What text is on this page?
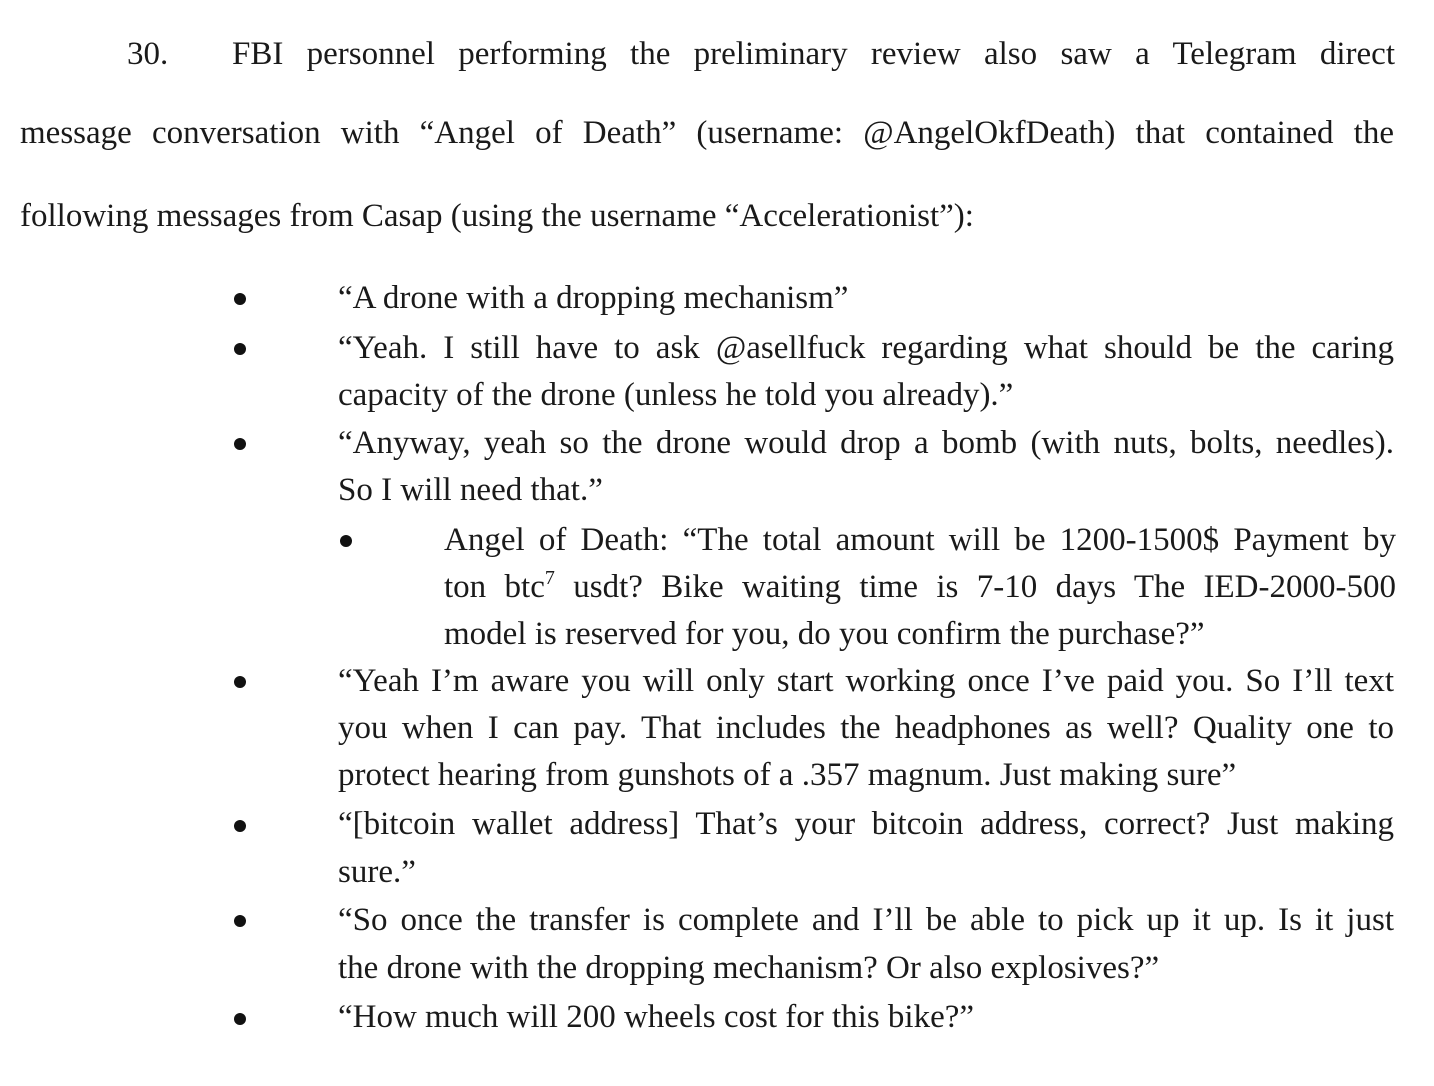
30. FBI personnel performing the preliminary review also saw a Telegram direct
message conversation with “Angel of Death” (username: @AngelOkfDeath) that contained the
following messages from Casap (using the username “Accelerationist”):
“A drone with a dropping mechanism”
“Yeah. I still have to ask @asellfuck regarding what should be the caring
capacity of the drone (unless he told you already).”
“Anyway, yeah so the drone would drop a bomb (with nuts, bolts, needles).
So I will need that.”
Angel of Death: “The total amount will be 1200-1500$ Payment by
ton btc$^7$ usdt? Bike waiting time is 7-10 days The IED-2000-500
model is reserved for you, do you confirm the purchase?”
“Yeah I’m aware you will only start working once I’ve paid you. So I’ll text
you when I can pay. That includes the headphones as well? Quality one to
protect hearing from gunshots of a .357 magnum. Just making sure”
“[bitcoin wallet address] That’s your bitcoin address, correct? Just making
sure.”
“So once the transfer is complete and I’ll be able to pick up it up. Is it just
the drone with the dropping mechanism? Or also explosives?”
“How much will 200 wheels cost for this bike?”
